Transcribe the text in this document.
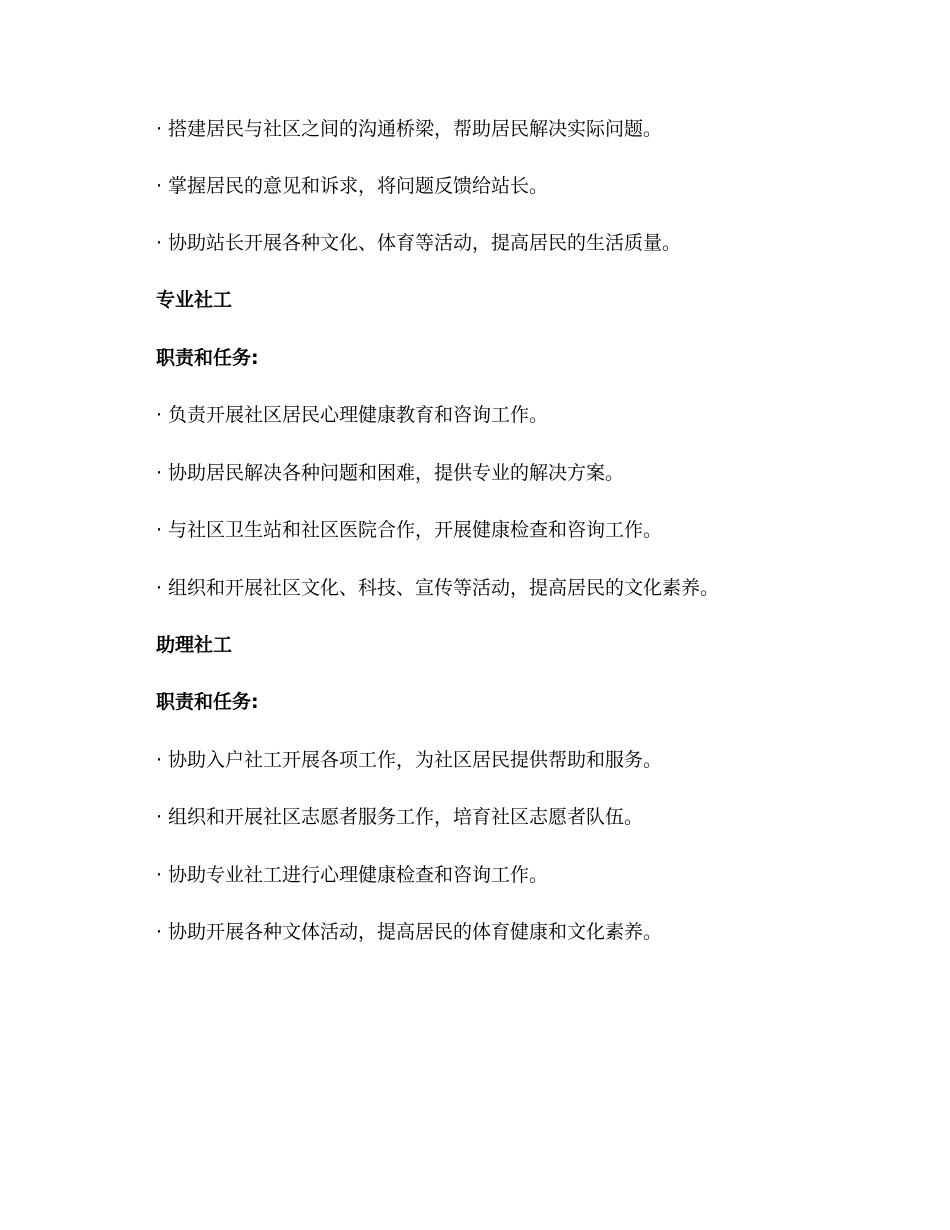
· 搭建居民与社区之间的沟通桥梁，帮助居民解决实际问题。
· 掌握居民的意见和诉求，将问题反馈给站长。
· 协助站长开展各种文化、体育等活动，提高居民的生活质量。
专业社工
职责和任务:
· 负责开展社区居民心理健康教育和咨询工作。
· 协助居民解决各种问题和困难，提供专业的解决方案。
· 与社区卫生站和社区医院合作，开展健康检查和咨询工作。
· 组织和开展社区文化、科技、宣传等活动，提高居民的文化素养。
助理社工
职责和任务:
· 协助入户社工开展各项工作，为社区居民提供帮助和服务。
· 组织和开展社区志愿者服务工作，培育社区志愿者队伍。
· 协助专业社工进行心理健康检查和咨询工作。
· 协助开展各种文体活动，提高居民的体育健康和文化素养。
